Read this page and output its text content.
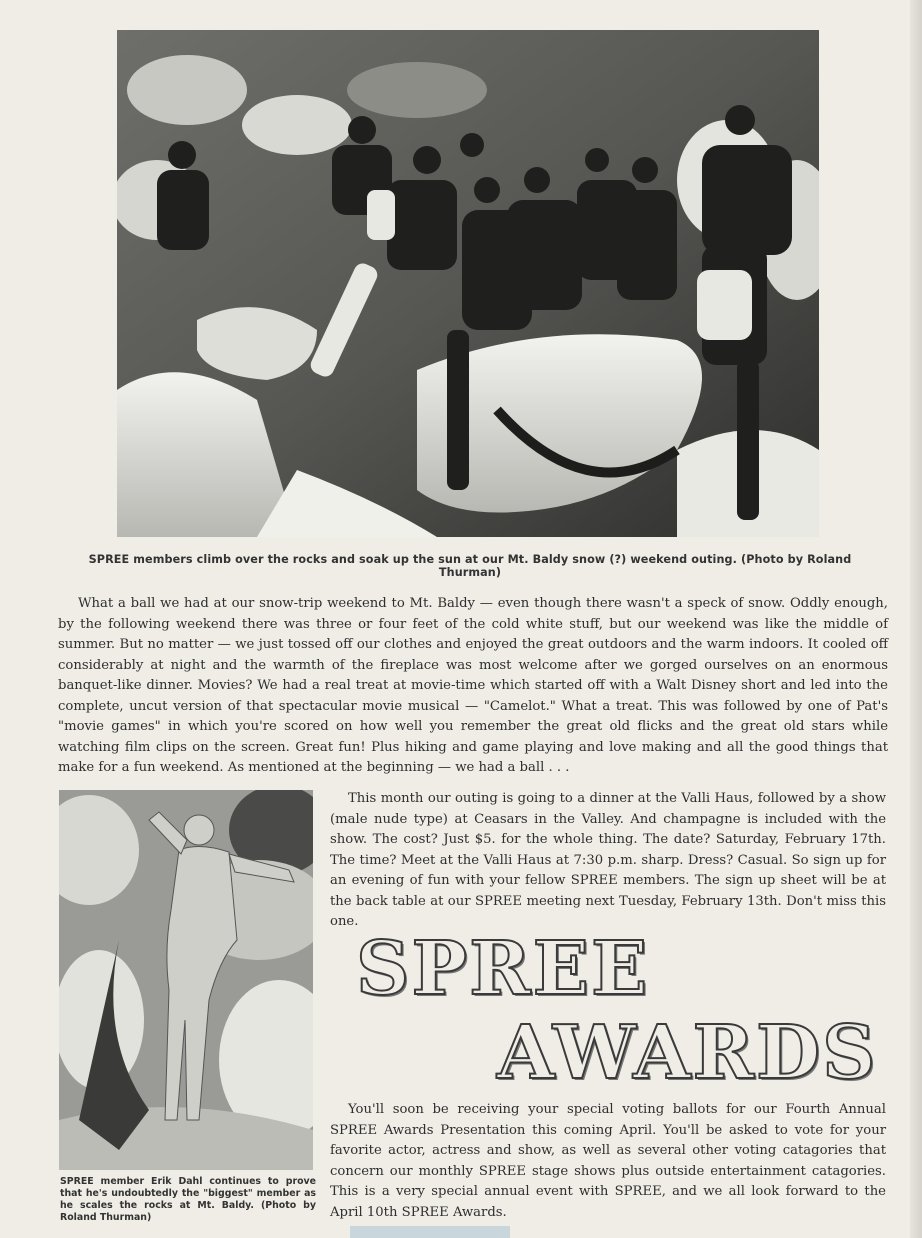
SPREE members climb over the rocks and soak up the sun at our Mt. Baldy snow (?) weekend outing. (Photo by Roland Thurman)

What a ball we had at our snow-trip weekend to Mt. Baldy — even though there wasn't a speck of snow. Oddly enough, by the following weekend there was three or four feet of the cold white stuff, but our weekend was like the middle of summer. But no matter — we just tossed off our clothes and enjoyed the great outdoors and the warm indoors. It cooled off considerably at night and the warmth of the fireplace was most welcome after we gorged ourselves on an enormous banquet-like dinner. Movies? We had a real treat at movie-time which started off with a Walt Disney short and led into the complete, uncut version of that spectacular movie musical — "Camelot." What a treat. This was followed by one of Pat's "movie games" in which you're scored on how well you remember the great old flicks and the great old stars while watching film clips on the screen. Great fun! Plus hiking and game playing and love making and all the good things that make for a fun weekend. As mentioned at the beginning — we had a ball . . .

This month our outing is going to a dinner at the Valli Haus, followed by a show (male nude type) at Ceasars in the Valley. And champagne is included with the show. The cost? Just $5. for the whole thing. The date? Saturday, February 17th. The time? Meet at the Valli Haus at 7:30 p.m. sharp. Dress? Casual. So sign up for an evening of fun with your fellow SPREE members. The sign up sheet will be at the back table at our SPREE meeting next Tuesday, February 13th. Don't miss this one.

SPREE
AWARDS

You'll soon be receiving your special voting ballots for our Fourth Annual SPREE Awards Presentation this coming April. You'll be asked to vote for your favorite actor, actress and show, as well as several other voting catagories that concern our monthly SPREE stage shows plus outside entertainment catagories. This is a very special annual event with SPREE, and we all look forward to the April 10th SPREE Awards.

SPREE member Erik Dahl continues to prove that he's undoubtedly the "biggest" member as he scales the rocks at Mt. Baldy. (Photo by Roland Thurman)
